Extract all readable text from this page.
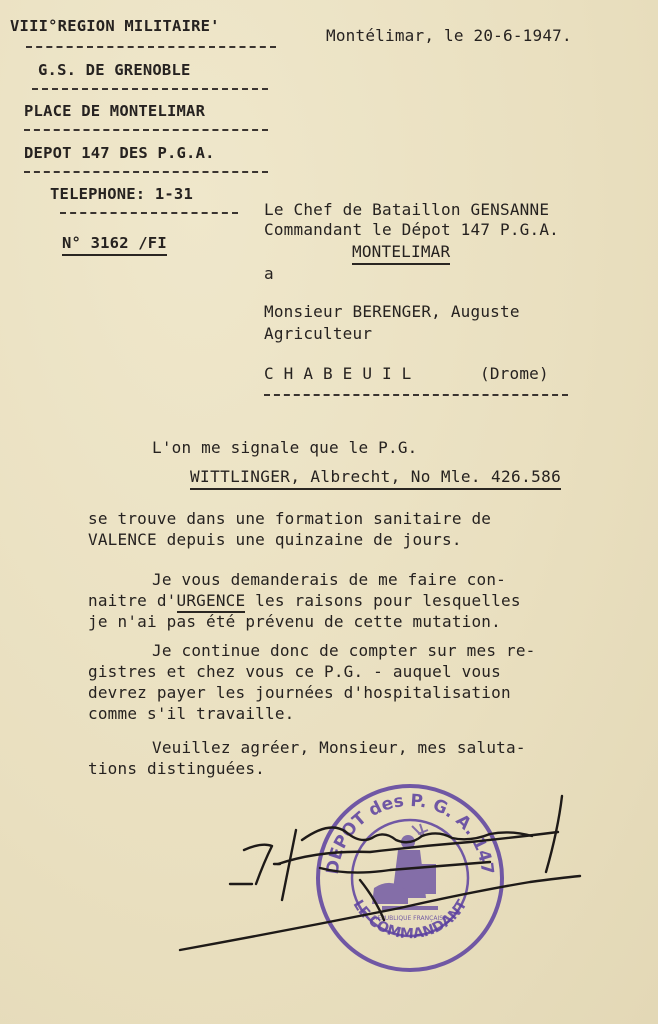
VIII°REGION MILITAIRE'
G.S. DE GRENOBLE
PLACE DE MONTELIMAR
DEPOT 147 DES P.G.A.
TELEPHONE: 1-31
N° 3162 /FI
Montélimar, le 20-6-1947.
Le Chef de Bataillon GENSANNE
Commandant le Dépot 147 P.G.A.
MONTELIMAR
a
Monsieur BERENGER, Auguste
Agriculteur
C H A B E U I L	(Drome)
L'on me signale que le P.G.
WITTLINGER, Albrecht, No Mle. 426.586
se trouve dans une formation sanitaire de
VALENCE depuis une quinzaine de jours.
Je vous demanderais de me faire con-
naitre d'URGENCE les raisons pour lesquelles
je n'ai pas été prévenu de cette mutation.
Je continue donc de compter sur mes re-
gistres et chez vous ce P.G. - auquel vous
devrez payer les journées d'hospitalisation
comme s'il travaille.
Veuillez agréer, Monsieur, mes saluta-
tions distinguées.
DEPOT des P. G. A. 147
LE COMMANDANT
REPUBLIQUE FRANÇAISE
